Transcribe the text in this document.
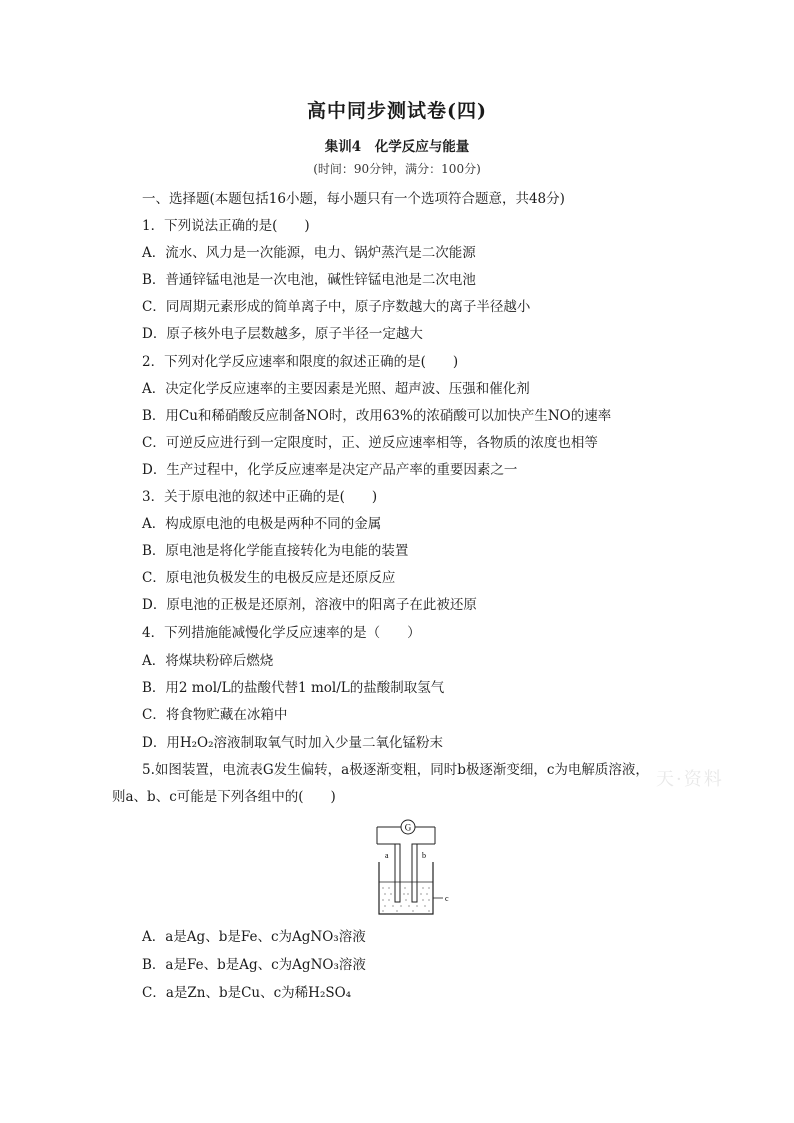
高中同步测试卷(四)
集训4　化学反应与能量
(时间：90分钟，满分：100分)
一、选择题(本题包括16小题，每小题只有一个选项符合题意，共48分)
1．下列说法正确的是(　　)
A．流水、风力是一次能源，电力、锅炉蒸汽是二次能源
B．普通锌锰电池是一次电池，碱性锌锰电池是二次电池
C．同周期元素形成的简单离子中，原子序数越大的离子半径越小
D．原子核外电子层数越多，原子半径一定越大
2．下列对化学反应速率和限度的叙述正确的是(　　)
A．决定化学反应速率的主要因素是光照、超声波、压强和催化剂
B．用Cu和稀硝酸反应制备NO时，改用63%的浓硝酸可以加快产生NO的速率
C．可逆反应进行到一定限度时，正、逆反应速率相等，各物质的浓度也相等
D．生产过程中，化学反应速率是决定产品产率的重要因素之一
3．关于原电池的叙述中正确的是(　　)
A．构成原电池的电极是两种不同的金属
B．原电池是将化学能直接转化为电能的装置
C．原电池负极发生的电极反应是还原反应
D．原电池的正极是还原剂，溶液中的阳离子在此被还原
4．下列措施能减慢化学反应速率的是（　　）
A．将煤块粉碎后燃烧
B．用2 mol/L的盐酸代替1 mol/L的盐酸制取氢气
C．将食物贮藏在冰箱中
D．用H₂O₂溶液制取氧气时加入少量二氧化锰粉末
5.如图装置，电流表G发生偏转，a极逐渐变粗，同时b极逐渐变细，c为电解质溶液，
则a、b、c可能是下列各组中的(　　)
天·资料
G
a	b
c
A．a是Ag、b是Fe、c为AgNO₃溶液
B．a是Fe、b是Ag、c为AgNO₃溶液
C．a是Zn、b是Cu、c为稀H₂SO₄
